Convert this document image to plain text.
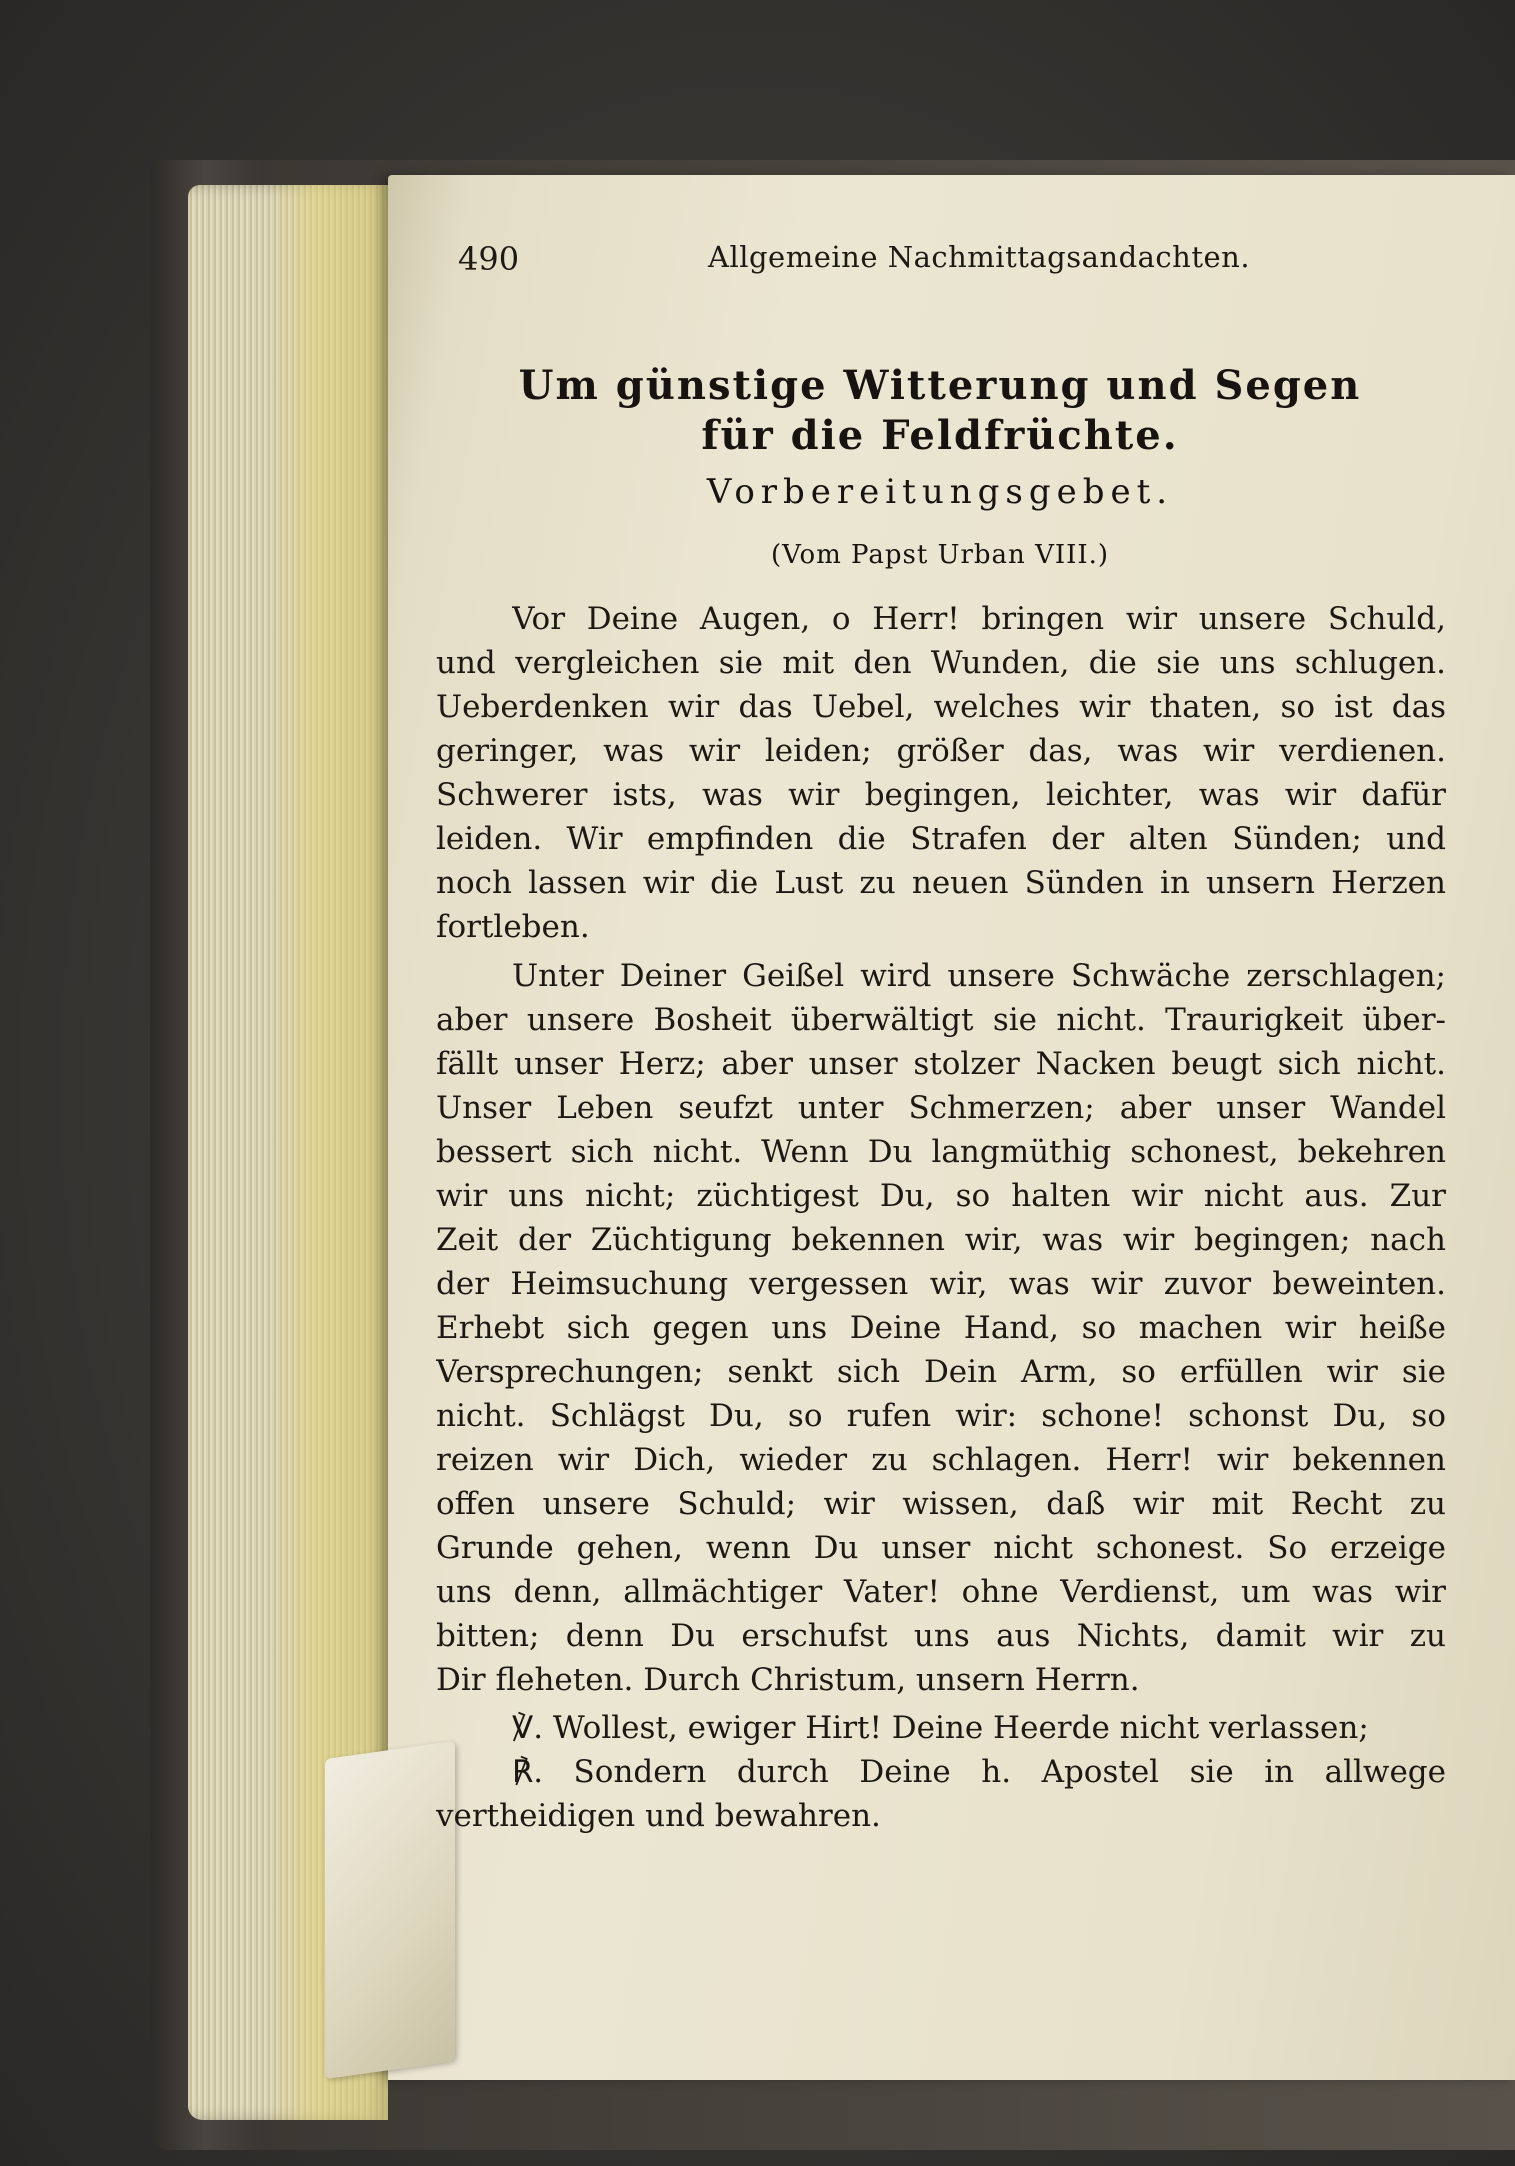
490	Allgemeine Nachmittagsandachten.
Um günstige Witterung und Segen
für die Feldfrüchte.
Vorbereitungsgebet.
(Vom Papst Urban VIII.)
Vor Deine Augen, o Herr! bringen wir unsere Schuld,
und vergleichen sie mit den Wunden, die sie uns schlugen.
Ueberdenken wir das Uebel, welches wir thaten, so ist das
geringer, was wir leiden; größer das, was wir verdienen.
Schwerer ists, was wir begingen, leichter, was wir dafür
leiden. Wir empfinden die Strafen der alten Sünden; und
noch lassen wir die Lust zu neuen Sünden in unsern Herzen
fortleben.
Unter Deiner Geißel wird unsere Schwäche zerschlagen;
aber unsere Bosheit überwältigt sie nicht. Traurigkeit über-
fällt unser Herz; aber unser stolzer Nacken beugt sich nicht.
Unser Leben seufzt unter Schmerzen; aber unser Wandel
bessert sich nicht. Wenn Du langmüthig schonest, bekehren
wir uns nicht; züchtigest Du, so halten wir nicht aus. Zur
Zeit der Züchtigung bekennen wir, was wir begingen; nach
der Heimsuchung vergessen wir, was wir zuvor beweinten.
Erhebt sich gegen uns Deine Hand, so machen wir heiße
Versprechungen; senkt sich Dein Arm, so erfüllen wir sie
nicht. Schlägst Du, so rufen wir: schone! schonst Du, so
reizen wir Dich, wieder zu schlagen. Herr! wir bekennen
offen unsere Schuld; wir wissen, daß wir mit Recht zu
Grunde gehen, wenn Du unser nicht schonest. So erzeige
uns denn, allmächtiger Vater! ohne Verdienst, um was wir
bitten; denn Du erschufst uns aus Nichts, damit wir zu
Dir fleheten. Durch Christum, unsern Herrn.
℣. Wollest, ewiger Hirt! Deine Heerde nicht verlassen;
℟. Sondern durch Deine h. Apostel sie in allwege
vertheidigen und bewahren.
